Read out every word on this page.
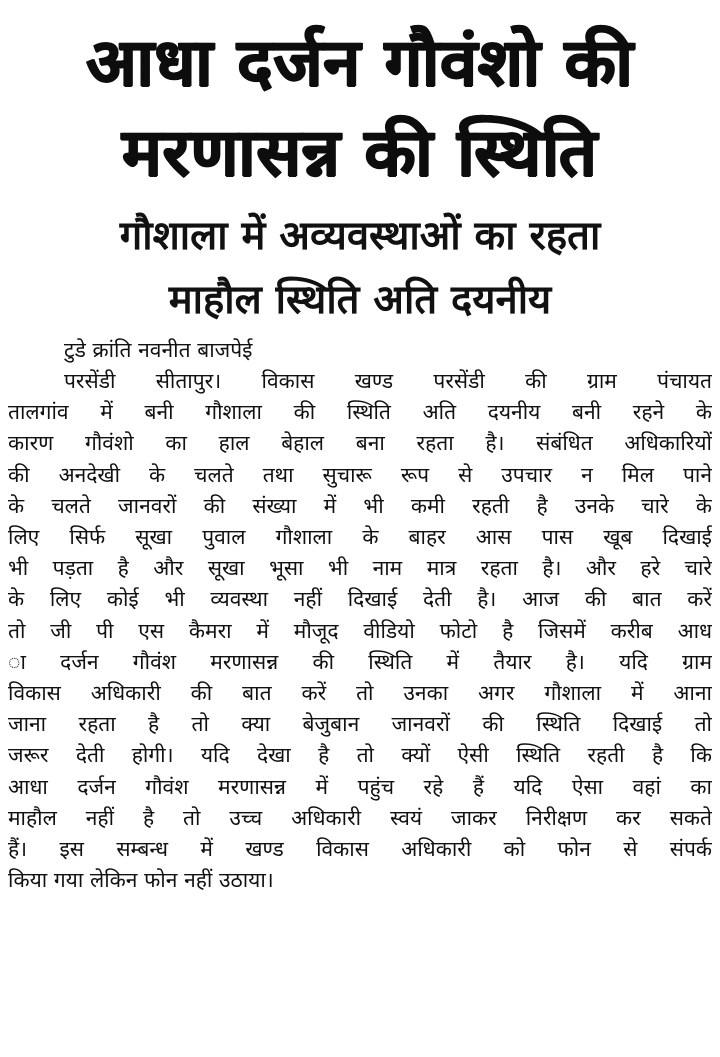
आधा दर्जन गौवंशो की
मरणासन्न की स्थिति
गौशाला में अव्यवस्थाओं का रहता
माहौल स्थिति अति दयनीय

टुडे क्रांति नवनीत बाजपेई

परसेंडी सीतापुर। विकास खण्ड परसेंडी की ग्राम पंचायत
तालगांव में बनी गौशाला की स्थिति अति दयनीय बनी रहने के
कारण गौवंशो का हाल बेहाल बना रहता है। संबंधित अधिकारियों
की अनदेखी के चलते तथा सुचारू रूप से उपचार न मिल पाने
के चलते जानवरों की संख्या में भी कमी रहती है उनके चारे के
लिए सिर्फ सूखा पुवाल गौशाला के बाहर आस पास खूब दिखाई
भी पड़ता है और सूखा भूसा भी नाम मात्र रहता है। और हरे चारे
के लिए कोई भी व्यवस्था नहीं दिखाई देती है। आज की बात करें
तो जी पी एस कैमरा में मौजूद वीडियो फोटो है जिसमें करीब आध
ा दर्जन गौवंश मरणासन्न की स्थिति में तैयार है। यदि ग्राम
विकास अधिकारी की बात करें तो उनका अगर गौशाला में आना
जाना रहता है तो क्या बेजुबान जानवरों की स्थिति दिखाई तो
जरूर देती होगी। यदि देखा है तो क्यों ऐसी स्थिति रहती है कि
आधा दर्जन गौवंश मरणासन्न में पहुंच रहे हैं यदि ऐसा वहां का
माहौल नहीं है तो उच्च अधिकारी स्वयं जाकर निरीक्षण कर सकते
हैं। इस सम्बन्ध में खण्ड विकास अधिकारी को फोन से संपर्क
किया गया लेकिन फोन नहीं उठाया।
